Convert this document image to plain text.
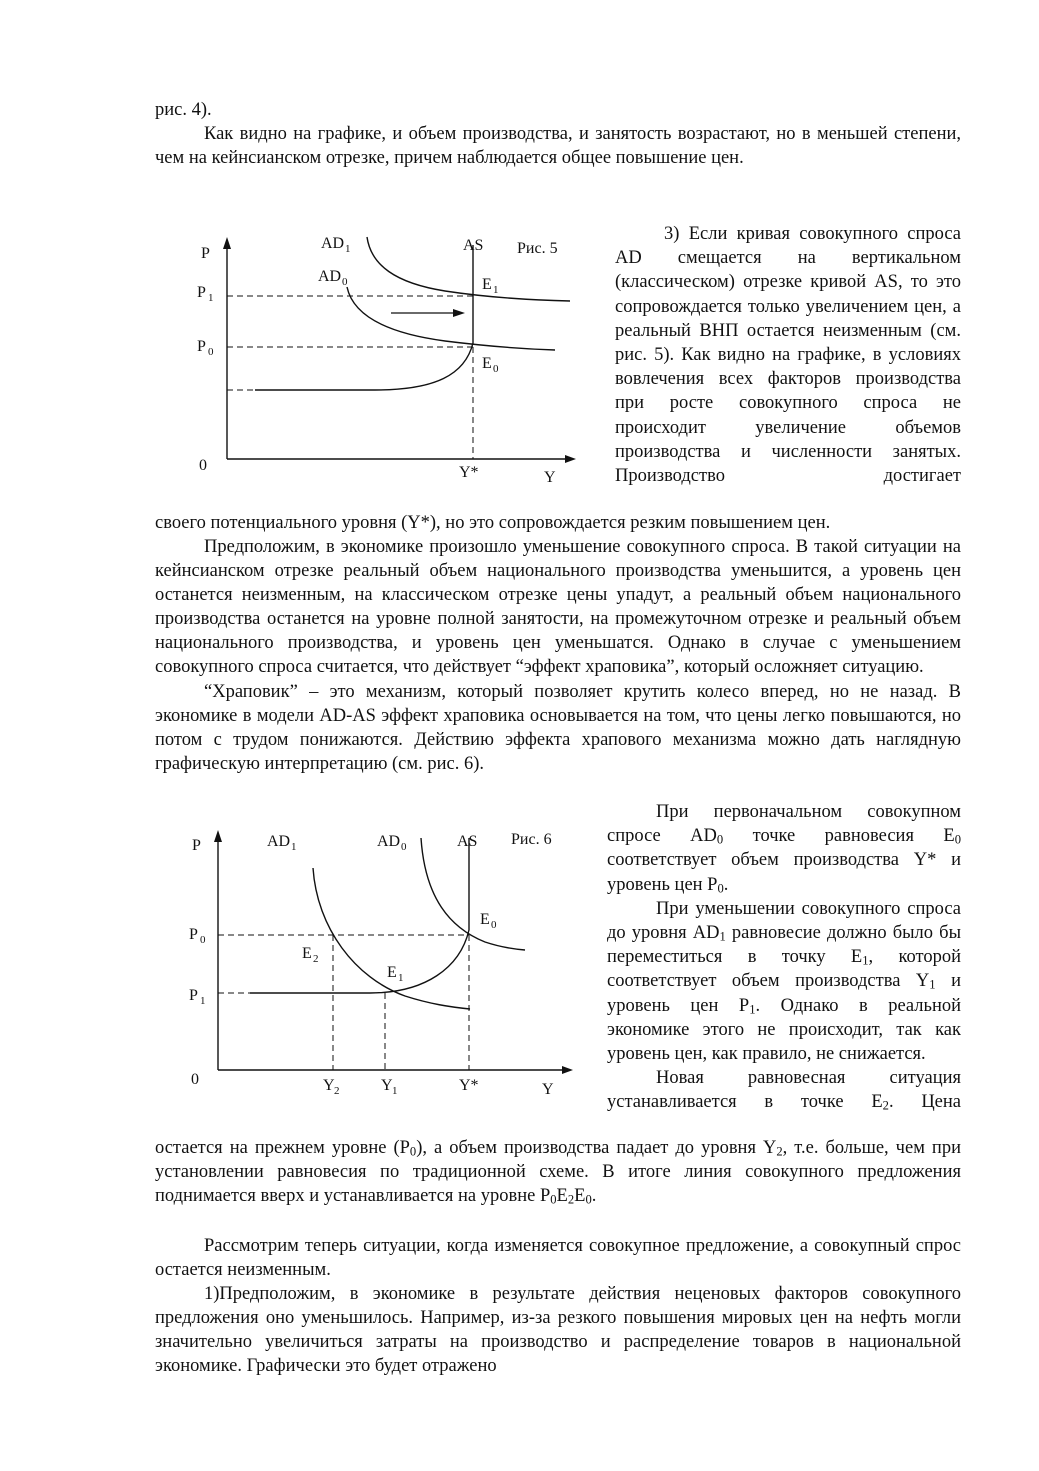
рис. 4).

Как видно на графике, и объем производства, и занятость возрастают, но в меньшей степени, чем на кейнсианском отрезке, причем наблюдается общее повышение цен.

P
P 1
P 0
0
AD 1
AD 0
AS Рис. 5
E 1
E 0
Y*	Y

3) Если кривая совокупного спроса AD смещается на вертикальном (классическом) отрезке кривой AS, то это сопровождается только увеличением цен, а реальный ВНП остается неизменным (см. рис. 5). Как видно на графике, в условиях вовлечения всех факторов производства при росте совокупного спроса не происходит увеличение объемов производства и численности занятых. Производство достигает

своего потенциального уровня (Y*), но это сопровождается резким повышением цен.

Предположим, в экономике произошло уменьшение совокупного спроса. В такой ситуации на кейнсианском отрезке реальный объем национального производства уменьшится, а уровень цен останется неизменным, на классическом отрезке цены упадут, а реальный объем национального производства останется на уровне полной занятости, на промежуточном отрезке и реальный объем национального производства, и уровень цен уменьшатся. Однако в случае с уменьшением совокупного спроса считается, что действует “эффект храповика”, который осложняет ситуацию.

“Храповик” – это механизм, который позволяет крутить колесо вперед, но не назад. В экономике в модели AD-AS эффект храповика основывается на том, что цены легко повышаются, но потом с трудом понижаются. Действию эффекта храпового механизма можно дать наглядную графическую интерпретацию (см. рис. 6).

P
P 0
P 1
0
AD 1	AD 0	AS Рис. 6
E 0
E 2
E 1
Y 2	Y 1	Y*	Y

При первоначальном совокупном спросе $AD_0$ точке равновесия $E_0$ соответствует объем производства Y* и уровень цен $P_0$.

При уменьшении совокупного спроса до уровня $AD_1$ равновесие должно было бы переместиться в точку $E_1$, которой соответствует объем производства $Y_1$ и уровень цен $P_1$. Однако в реальной экономике этого не происходит, так как уровень цен, как правило, не снижается.

Новая равновесная ситуация устанавливается в точке $E_2$. Цена

остается на прежнем уровне $(P_0)$, а объем производства падает до уровня $Y_2$, т.е. больше, чем при установлении равновесия по традиционной схеме. В итоге линия совокупного предложения поднимается вверх и устанавливается на уровне $P_0E_2E_0$.

Рассмотрим теперь ситуации, когда изменяется совокупное предложение, а совокупный спрос остается неизменным.

1)Предположим, в экономике в результате действия неценовых факторов совокупного предложения оно уменьшилось. Например, из-за резкого повышения мировых цен на нефть могли значительно увеличиться затраты на производство и распределение товаров в национальной экономике. Графически это будет отражено
